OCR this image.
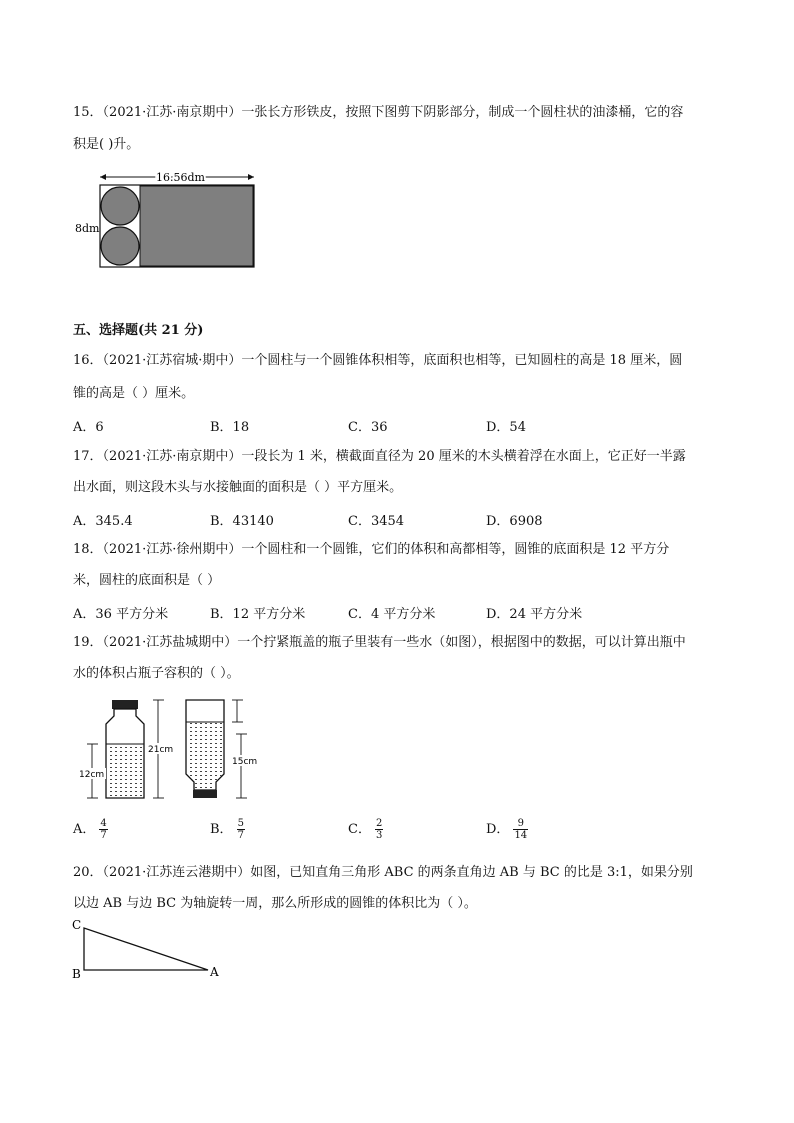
15．（2021·江苏·南京期中）一张长方形铁皮，按照下图剪下阴影部分，制成一个圆柱状的油漆桶，它的容
积是( )升。
16.56dm
8dm
五、选择题(共 21 分)
16．（2021·江苏宿城·期中）一个圆柱与一个圆锥体积相等，底面积也相等，已知圆柱的高是 18 厘米，圆
锥的高是（ ）厘米。
A．6	B．18	C．36	D．54
17．（2021·江苏·南京期中）一段长为 1 米，横截面直径为 20 厘米的木头横着浮在水面上，它正好一半露
出水面，则这段木头与水接触面的面积是（ ）平方厘米。
A．345.4	B．43140	C．3454	D．6908
18．（2021·江苏·徐州期中）一个圆柱和一个圆锥，它们的体积和高都相等，圆锥的底面积是 12 平方分
米，圆柱的底面积是（ ）
A．36 平方分米	B．12 平方分米	C．4 平方分米	D．24 平方分米
19．（2021·江苏盐城期中）一个拧紧瓶盖的瓶子里装有一些水（如图），根据图中的数据，可以计算出瓶中
水的体积占瓶子容积的（ ）。
12cm
21cm
15cm
A． $\frac{4}{7}$	B． $\frac{5}{7}$	C． $\frac{2}{3}$	D． $\frac{9}{14}$
20．（2021·江苏连云港期中）如图，已知直角三角形 ABC 的两条直角边 AB 与 BC 的比是 3:1，如果分别
以边 AB 与边 BC 为轴旋转一周，那么所形成的圆锥的体积比为（ ）。
C
B	A
